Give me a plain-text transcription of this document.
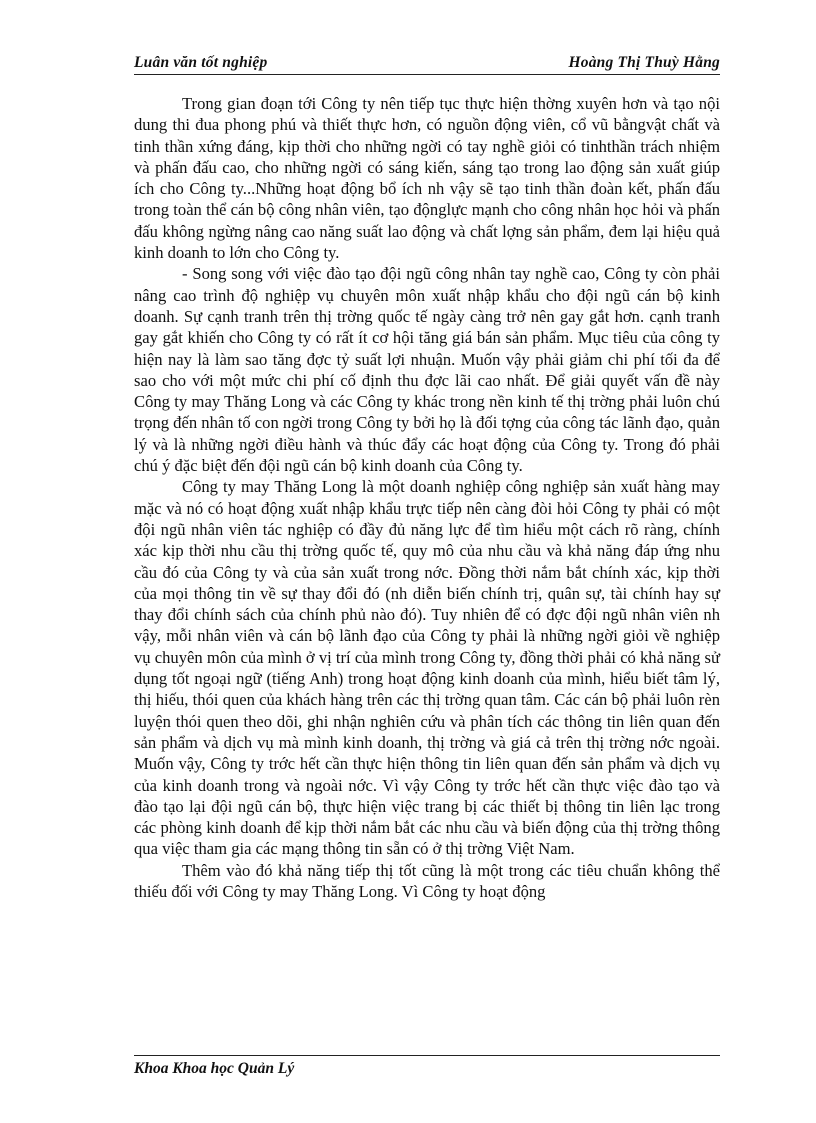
Luân văn tốt nghiệp	Hoàng Thị Thuỳ Hằng

Trong gian đoạn tới Công ty nên tiếp tục thực hiện thờng xuyên hơn và tạo nội dung thi đua phong phú và thiết thực hơn, có nguồn động viên, cổ vũ bằngvật chất và tinh thần xứng đáng, kịp thời cho những ngời có tay nghề giỏi có tinhthần trách nhiệm và phấn đấu cao, cho những ngời có sáng kiến, sáng tạo trong lao động sản xuất giúp ích cho Công ty...Những hoạt động bổ ích nh vậy sẽ tạo tinh thần đoàn kết, phấn đấu trong toàn thể cán bộ công nhân viên, tạo độnglực mạnh cho công nhân học hỏi và phấn đấu không ngừng nâng cao năng suất lao động và chất lợng sản phẩm, đem lại hiệu quả kinh doanh to lớn cho Công ty.

- Song song với việc đào tạo đội ngũ công nhân tay nghề cao, Công ty còn phải nâng cao trình độ nghiệp vụ chuyên môn xuất nhập khẩu cho đội ngũ cán bộ kinh doanh. Sự cạnh tranh trên thị trờng quốc tế ngày càng trở nên gay gắt hơn. cạnh tranh gay gắt khiến cho Công ty có rất ít cơ hội tăng giá bán sản phẩm. Mục tiêu của công ty hiện nay là làm sao tăng đợc tỷ suất lợi nhuận. Muốn vậy phải giảm chi phí tối đa để sao cho với một mức chi phí cố định thu đợc lãi cao nhất. Để giải quyết vấn đề này Công ty may Thăng Long và các Công ty khác trong nền kinh tế thị trờng phải luôn chú trọng đến nhân tố con ngời trong Công ty bởi họ là đối tợng của công tác lãnh đạo, quản lý và là những ngời điều hành và thúc đẩy các hoạt động của Công ty. Trong đó phải chú ý đặc biệt đến đội ngũ cán bộ kinh doanh của Công ty.

Công ty may Thăng Long là một doanh nghiệp công nghiệp sản xuất hàng may mặc và nó có hoạt động xuất nhập khẩu trực tiếp nên càng đòi hỏi Công ty phải có một đội ngũ nhân viên tác nghiệp có đầy đủ năng lực để tìm hiểu một cách rõ ràng, chính xác kịp thời nhu cầu thị trờng quốc tế, quy mô của nhu cầu và khả năng đáp ứng nhu cầu đó của Công ty và của sản xuất trong nớc. Đồng thời nắm bắt chính xác, kịp thời của mọi thông tin về sự thay đổi đó (nh diễn biến chính trị, quân sự, tài chính hay sự thay đổi chính sách của chính phủ nào đó). Tuy nhiên để có đợc đội ngũ nhân viên nh vậy, mỗi nhân viên và cán bộ lãnh đạo của Công ty phải là những ngời giỏi về nghiệp vụ chuyên môn của mình ở vị trí của mình trong Công ty, đồng thời phải có khả năng sử dụng tốt ngoại ngữ (tiếng Anh) trong hoạt động kinh doanh của mình, hiểu biết tâm lý, thị hiếu, thói quen của khách hàng trên các thị trờng quan tâm. Các cán bộ phải luôn rèn luyện thói quen theo dõi, ghi nhận nghiên cứu và phân tích các thông tin liên quan đến sản phẩm và dịch vụ mà mình kinh doanh, thị trờng và giá cả trên thị trờng nớc ngoài. Muốn vậy, Công ty trớc hết cần thực hiện thông tin liên quan đến sản phẩm và dịch vụ của kinh doanh trong và ngoài nớc. Vì vậy Công ty trớc hết cần thực việc đào tạo và đào tạo lại đội ngũ cán bộ, thực hiện việc trang bị các thiết bị thông tin liên lạc trong các phòng kinh doanh để kịp thời nắm bắt các nhu cầu và biến động của thị trờng thông qua việc tham gia các mạng thông tin sẵn có ở thị trờng Việt Nam.

Thêm vào đó khả năng tiếp thị tốt cũng là một trong các tiêu chuẩn không thể thiếu đối với Công ty may Thăng Long. Vì Công ty hoạt động

Khoa Khoa học Quản Lý
